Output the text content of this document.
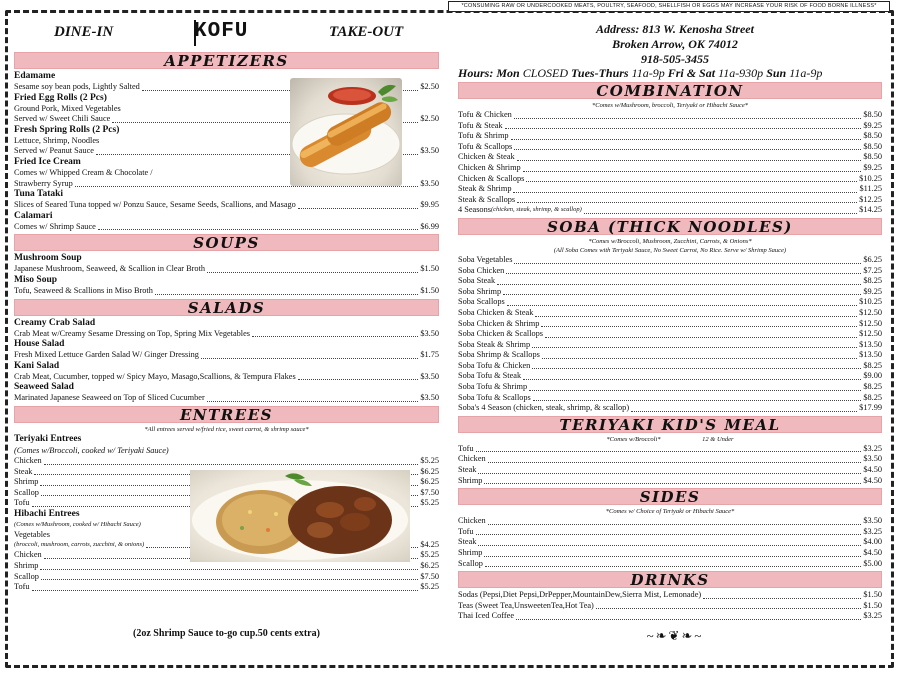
*CONSUMING RAW OR UNDERCOOKED MEATS, POULTRY, SEAFOOD, SHELLFISH OR EGGS MAY INCREASE YOUR RISK OF FOOD BORNE ILLNESS*
DINE-IN	KOFU	TAKE-OUT	Address: 813 W. Kenosha Street
Broken Arrow, OK 74012
918-505-3455
Hours: Mon CLOSED Tues-Thurs 11a-9p Fri & Sat 11a-930p Sun 11a-9p
APPETIZERS
Edamame
Sesame soy bean pods, Lightly Salted	$2.50
Fried Egg Rolls (2 Pcs)
Ground Pork, Mixed Vegetables
Served w/ Sweet Chili Sauce	$2.50
Fresh Spring Rolls (2 Pcs)
Lettuce, Shrimp, Noodles
Served w/ Peanut Sauce	$3.50
Fried Ice Cream
Comes w/ Whipped Cream & Chocolate /
Strawberry Syrup	$3.50
Tuna Tataki
Slices of Seared Tuna topped w/ Ponzu Sauce, Sesame Seeds, Scallions, and Masago	$9.95
Calamari
Comes w/ Shrimp Sauce	$6.99
SOUPS
Mushroom Soup
Japanese Mushroom, Seaweed, & Scallion in Clear Broth	$1.50
Miso Soup
Tofu, Seaweed & Scallions in Miso Broth	$1.50
SALADS
Creamy Crab Salad
Crab Meat w/Creamy Sesame Dressing on Top, Spring Mix Vegetables	$3.50
House Salad
Fresh Mixed Lettuce Garden Salad W/ Ginger Dressing	$1.75
Kani Salad
Crab Meat, Cucumber, topped w/ Spicy Mayo, Masago,Scallions, & Tempura Flakes	$3.50
Seaweed Salad
Marinated Japanese Seaweed on Top of Sliced Cucumber	$3.50
ENTREES
*All entrees served w/fried rice, sweet carrot, & shrimp sauce*
Teriyaki Entrees
(Comes w/Broccoli, cooked w/ Teriyaki Sauce)
Chicken	$5.25
Steak	$6.25
Shrimp	$6.25
Scallop	$7.50
Tofu	$5.25
Hibachi Entrees
(Comes w/Mushroom, cooked w/ Hibachi Sauce)
Vegetables
(broccoli, mushroom, carrots, zucchini, & onions)	$4.25
Chicken	$5.25
Shrimp	$6.25
Scallop	$7.50
Tofu	$5.25
(2oz Shrimp Sauce to-go cup.50 cents extra)
COMBINATION
*Comes w/Mushroom, broccoli, Teriyaki or Hibachi Sauce*
Tofu & Chicken	$8.50
Tofu & Steak	$9.25
Tofu & Shrimp	$8.50
Tofu & Scallops	$8.50
Chicken & Steak	$8.50
Chicken & Shrimp	$9.25
Chicken & Scallops	$10.25
Steak & Shrimp	$11.25
Steak & Scallops	$12.25
4 Seasons (chicken, steak, shrimp, & scallop)	$14.25
SOBA (THICK NOODLES)
*Comes w/Broccoli, Mushroom, Zucchini, Carrots, & Onions*
(All Soba Comes with Teriyaki Sauce, No Sweet Carrot, No Rice. Serve w/ Shrimp Sauce)
Soba Vegetables	$6.25
Soba Chicken	$7.25
Soba Steak	$8.25
Soba Shrimp	$9.25
Soba Scallops	$10.25
Soba Chicken & Steak	$12.50
Soba Chicken & Shrimp	$12.50
Soba Chicken & Scallops	$12.50
Soba Steak & Shrimp	$13.50
Soba Shrimp & Scallops	$13.50
Soba Tofu & Chicken	$8.25
Soba Tofu & Steak	$9.00
Soba Tofu & Shrimp	$8.25
Soba Tofu & Scallops	$8.25
Soba's 4 Season (chicken, steak, shrimp, & scallop)	$17.99
TERIYAKI KID'S MEAL
*Comes w/Broccoli*	12 & Under
Tofu	$3.25
Chicken	$3.50
Steak	$4.50
Shrimp	$4.50
SIDES
*Comes w/ Choice of Teriyaki or Hibachi Sauce*
Chicken	$3.50
Tofu	$3.25
Steak	$4.00
Shrimp	$4.50
Scallop	$5.00
DRINKS
Sodas (Pepsi,Diet Pepsi,DrPepper,MountainDew,Sierra Mist, Lemonade)	$1.50
Teas (Sweet Tea,UnsweetenTea,Hot Tea)	$1.50
Thai Iced Coffee	$3.25
~❧❦❧~
